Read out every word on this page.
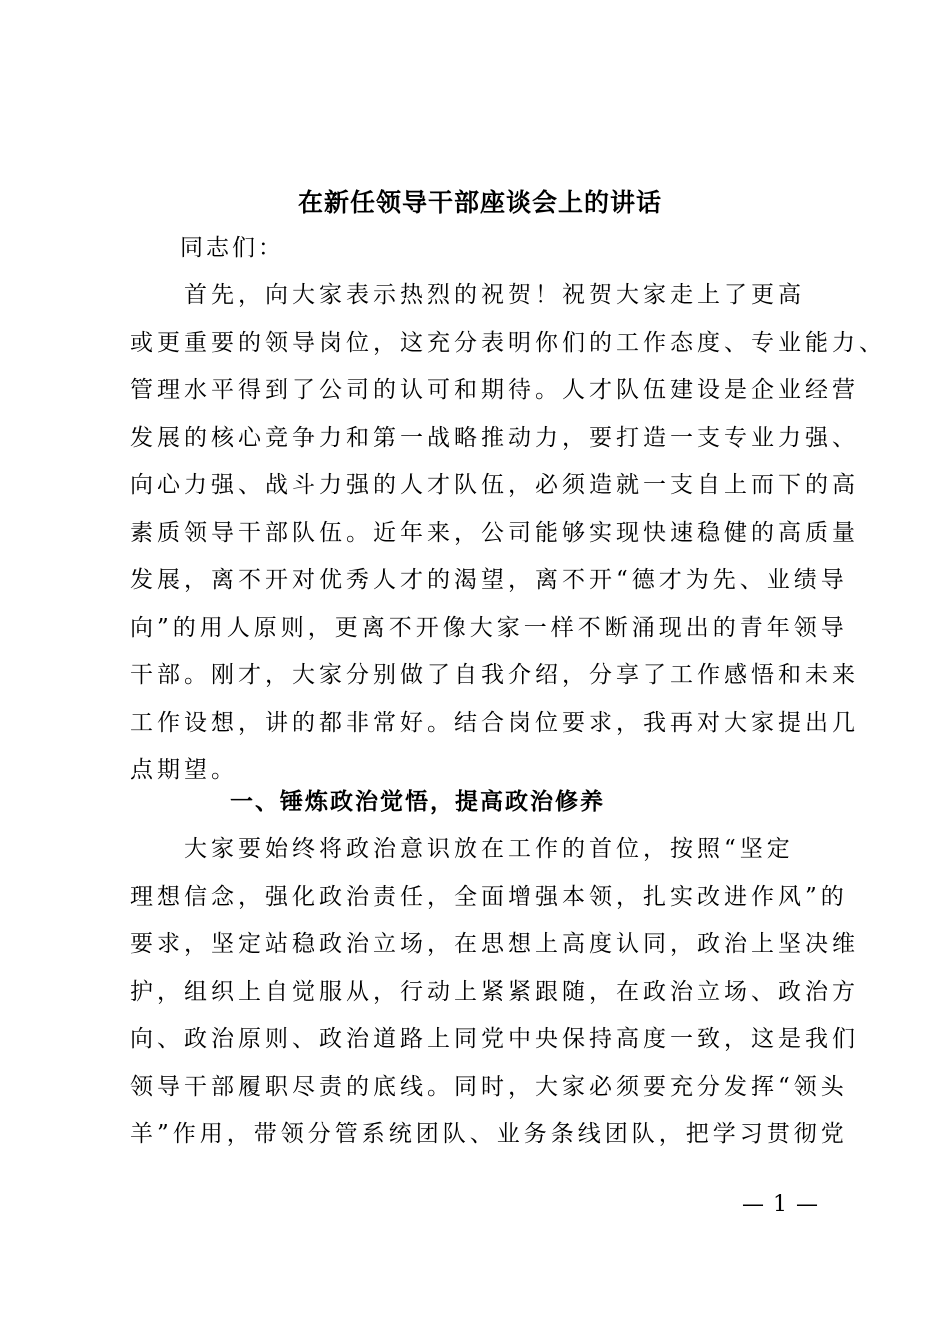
在新任领导干部座谈会上的讲话
同志们：
　　首先，向大家表示热烈的祝贺！祝贺大家走上了更高
或更重要的领导岗位，这充分表明你们的工作态度、专业能力、
管理水平得到了公司的认可和期待。人才队伍建设是企业经营
发展的核心竞争力和第一战略推动力，要打造一支专业力强、
向心力强、战斗力强的人才队伍，必须造就一支自上而下的高
素质领导干部队伍。近年来，公司能够实现快速稳健的高质量
发展，离不开对优秀人才的渴望，离不开“德才为先、业绩导
向”的用人原则，更离不开像大家一样不断涌现出的青年领导
干部。刚才，大家分别做了自我介绍，分享了工作感悟和未来
工作设想，讲的都非常好。结合岗位要求，我再对大家提出几
点期望。
一、锤炼政治觉悟，提高政治修养
　　大家要始终将政治意识放在工作的首位，按照“坚定
理想信念，强化政治责任，全面增强本领，扎实改进作风”的
要求，坚定站稳政治立场，在思想上高度认同，政治上坚决维
护，组织上自觉服从，行动上紧紧跟随，在政治立场、政治方
向、政治原则、政治道路上同党中央保持高度一致，这是我们
领导干部履职尽责的底线。同时，大家必须要充分发挥“领头
羊”作用，带领分管系统团队、业务条线团队，把学习贯彻党
— 1 —
